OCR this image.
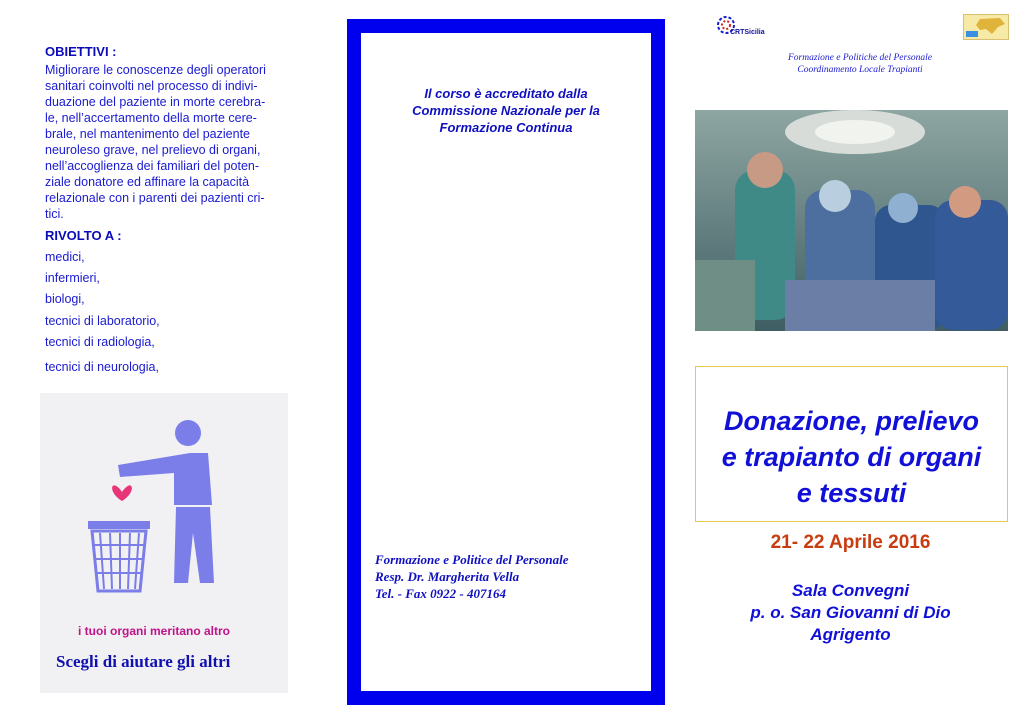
OBIETTIVI :
Migliorare le conoscenze degli operatori
sanitari coinvolti nel processo di indivi-
duazione del paziente in morte cerebra-
le, nell’accertamento della morte cere-
brale, nel mantenimento del paziente
neuroleso grave, nel prelievo di organi,
nell’accoglienza dei familiari del poten-
ziale donatore ed affinare la capacità
relazionale con i parenti dei pazienti cri-
tici.
RIVOLTO A :
medici,
infermieri,
biologi,
tecnici di laboratorio,
tecnici di radiologia,
tecnici di neurologia,
i tuoi organi meritano altro
Scegli di aiutare gli altri
Il corso è accreditato dalla
Commissione Nazionale per la
Formazione Continua
Formazione e Politice del Personale
Resp. Dr. Margherita Vella
Tel. - Fax 0922 - 407164
CRTSicilia
Formazione e Politiche del Personale
Coordinamento Locale Trapianti
Donazione, prelievo
e trapianto di organi
e tessuti
21- 22 Aprile 2016
Sala Convegni
p. o. San Giovanni di Dio
Agrigento
